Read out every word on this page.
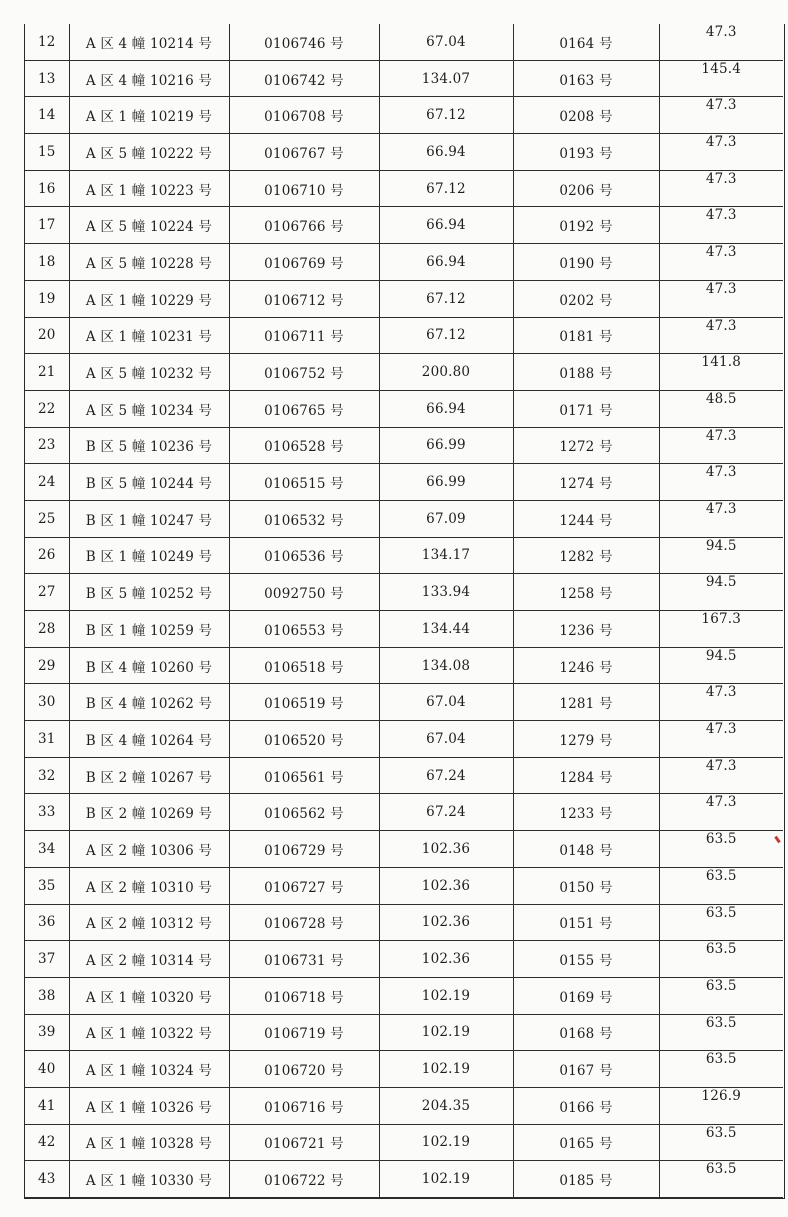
12	A 区 4 幢 10214 号	0106746 号	67.04	0164 号	47.3
13	A 区 4 幢 10216 号	0106742 号	134.07	0163 号	145.4
14	A 区 1 幢 10219 号	0106708 号	67.12	0208 号	47.3
15	A 区 5 幢 10222 号	0106767 号	66.94	0193 号	47.3
16	A 区 1 幢 10223 号	0106710 号	67.12	0206 号	47.3
17	A 区 5 幢 10224 号	0106766 号	66.94	0192 号	47.3
18	A 区 5 幢 10228 号	0106769 号	66.94	0190 号	47.3
19	A 区 1 幢 10229 号	0106712 号	67.12	0202 号	47.3
20	A 区 1 幢 10231 号	0106711 号	67.12	0181 号	47.3
21	A 区 5 幢 10232 号	0106752 号	200.80	0188 号	141.8
22	A 区 5 幢 10234 号	0106765 号	66.94	0171 号	48.5
23	B 区 5 幢 10236 号	0106528 号	66.99	1272 号	47.3
24	B 区 5 幢 10244 号	0106515 号	66.99	1274 号	47.3
25	B 区 1 幢 10247 号	0106532 号	67.09	1244 号	47.3
26	B 区 1 幢 10249 号	0106536 号	134.17	1282 号	94.5
27	B 区 5 幢 10252 号	0092750 号	133.94	1258 号	94.5
28	B 区 1 幢 10259 号	0106553 号	134.44	1236 号	167.3
29	B 区 4 幢 10260 号	0106518 号	134.08	1246 号	94.5
30	B 区 4 幢 10262 号	0106519 号	67.04	1281 号	47.3
31	B 区 4 幢 10264 号	0106520 号	67.04	1279 号	47.3
32	B 区 2 幢 10267 号	0106561 号	67.24	1284 号	47.3
33	B 区 2 幢 10269 号	0106562 号	67.24	1233 号	47.3
34	A 区 2 幢 10306 号	0106729 号	102.36	0148 号	63.5
35	A 区 2 幢 10310 号	0106727 号	102.36	0150 号	63.5
36	A 区 2 幢 10312 号	0106728 号	102.36	0151 号	63.5
37	A 区 2 幢 10314 号	0106731 号	102.36	0155 号	63.5
38	A 区 1 幢 10320 号	0106718 号	102.19	0169 号	63.5
39	A 区 1 幢 10322 号	0106719 号	102.19	0168 号	63.5
40	A 区 1 幢 10324 号	0106720 号	102.19	0167 号	63.5
41	A 区 1 幢 10326 号	0106716 号	204.35	0166 号	126.9
42	A 区 1 幢 10328 号	0106721 号	102.19	0165 号	63.5
43	A 区 1 幢 10330 号	0106722 号	102.19	0185 号	63.5
